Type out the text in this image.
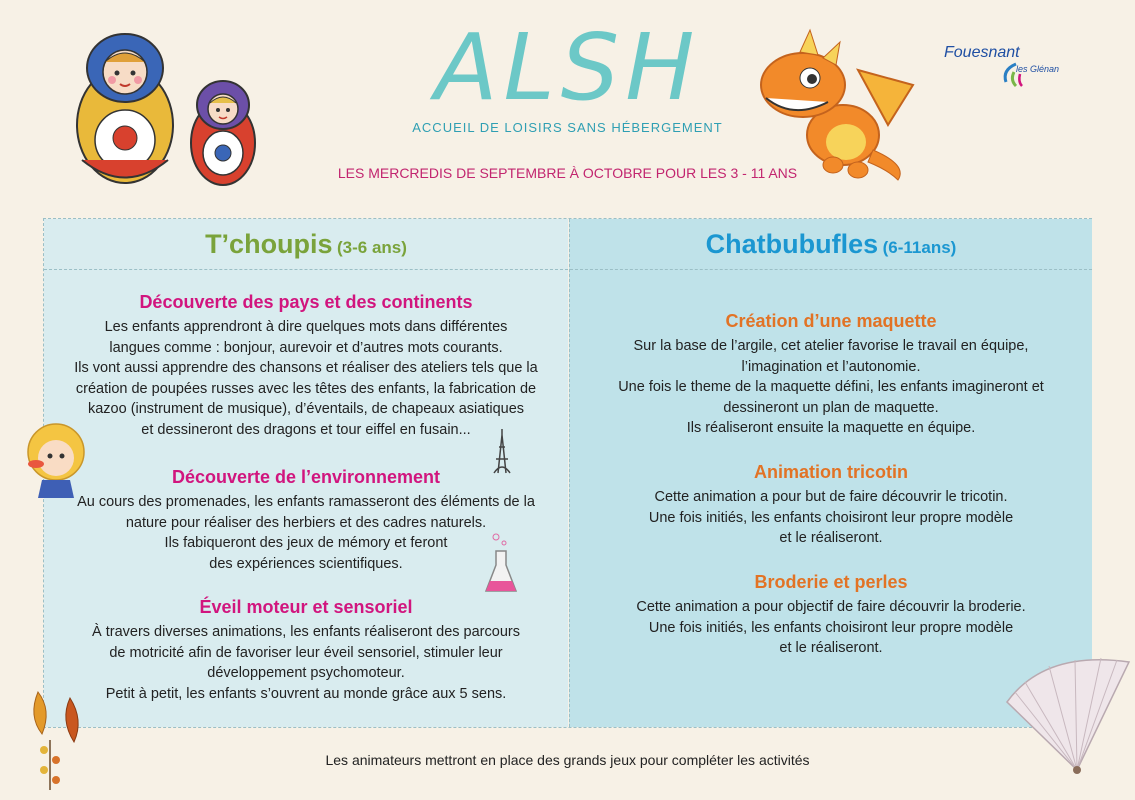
ALSH
ACCUEIL DE LOISIRS SANS HÉBERGEMENT
LES MERCREDIS DE SEPTEMBRE À OCTOBRE POUR LES 3 - 11 ANS
Fouesnant
les Glénan
T’choupis (3-6 ans)
Découverte des pays et des continents
Les enfants apprendront à dire quelques mots dans différentes
langues comme : bonjour, aurevoir et d’autres mots courants.
Ils vont aussi apprendre des chansons et réaliser des ateliers tels que la
création de poupées russes avec les têtes des enfants, la fabrication de
kazoo (instrument de musique), d’éventails, de chapeaux asiatiques
et dessineront des dragons et tour eiffel en fusain...
Découverte de l’environnement
Au cours des promenades, les enfants ramasseront des éléments de la
nature pour réaliser des herbiers et des cadres naturels.
Ils fabiqueront des jeux de mémory et feront
des expériences scientifiques.
Éveil moteur et sensoriel
À travers diverses animations, les enfants réaliseront des parcours
de motricité afin de favoriser leur éveil sensoriel, stimuler leur
développement psychomoteur.
Petit à petit, les enfants s’ouvrent au monde grâce aux 5 sens.
Chatbubufles (6-11ans)
Création d’une maquette
Sur la base de l’argile, cet atelier favorise le travail en équipe,
l’imagination et l’autonomie.
Une fois le theme de la maquette défini, les enfants imagineront et
dessineront un plan de maquette.
Ils réaliseront ensuite la maquette en équipe.
Animation tricotin
Cette animation a pour but de faire découvrir le tricotin.
Une fois initiés, les enfants choisiront leur propre modèle
et le réaliseront.
Broderie et perles
Cette animation a pour objectif de faire découvrir la broderie.
Une fois initiés, les enfants choisiront leur propre modèle
et le réaliseront.
Les animateurs mettront en place des grands jeux pour compléter les activités
